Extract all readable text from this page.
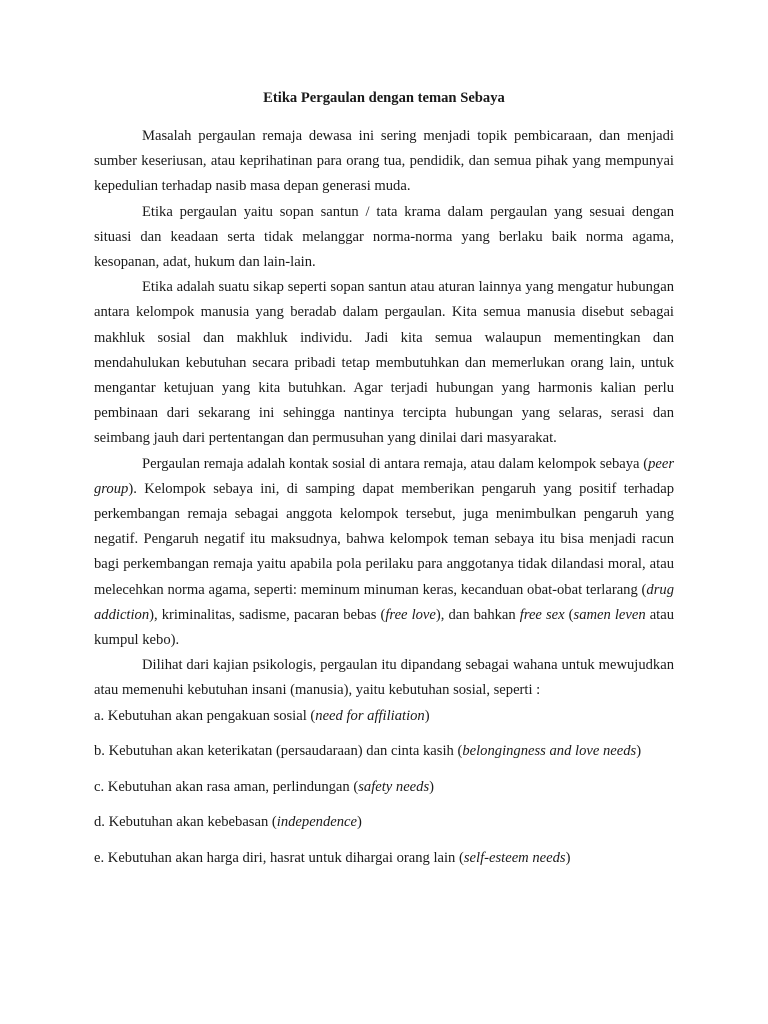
Etika Pergaulan dengan teman Sebaya

Masalah pergaulan remaja dewasa ini sering menjadi topik pembicaraan, dan menjadi sumber keseriusan, atau keprihatinan para orang tua, pendidik, dan semua pihak yang mempunyai kepedulian terhadap nasib masa depan generasi muda.

Etika pergaulan yaitu sopan santun / tata krama dalam pergaulan yang sesuai dengan situasi dan keadaan serta tidak melanggar norma-norma yang berlaku baik norma agama, kesopanan, adat, hukum dan lain-lain.

Etika adalah suatu sikap seperti sopan santun atau aturan lainnya yang mengatur hubungan antara kelompok manusia yang beradab dalam pergaulan. Kita semua manusia disebut sebagai makhluk sosial dan makhluk individu. Jadi kita semua walaupun mementingkan dan mendahulukan kebutuhan secara pribadi tetap membutuhkan dan memerlukan orang lain, untuk mengantar ketujuan yang kita butuhkan. Agar terjadi hubungan yang harmonis kalian perlu pembinaan dari sekarang ini sehingga nantinya tercipta hubungan yang selaras, serasi dan seimbang jauh dari pertentangan dan permusuhan yang dinilai dari masyarakat.

Pergaulan remaja adalah kontak sosial di antara remaja, atau dalam kelompok sebaya (peer group). Kelompok sebaya ini, di samping dapat memberikan pengaruh yang positif terhadap perkembangan remaja sebagai anggota kelompok tersebut, juga menimbulkan pengaruh yang negatif. Pengaruh negatif itu maksudnya, bahwa kelompok teman sebaya itu bisa menjadi racun bagi perkembangan remaja yaitu apabila pola perilaku para anggotanya tidak dilandasi moral, atau melecehkan norma agama, seperti: meminum minuman keras, kecanduan obat-obat terlarang (drug addiction), kriminalitas, sadisme, pacaran bebas (free love), dan bahkan free sex (samen leven atau kumpul kebo).

Dilihat dari kajian psikologis, pergaulan itu dipandang sebagai wahana untuk mewujudkan atau memenuhi kebutuhan insani (manusia), yaitu kebutuhan sosial, seperti :

a. Kebutuhan akan pengakuan sosial (need for affiliation)
b. Kebutuhan akan keterikatan (persaudaraan) dan cinta kasih (belongingness and love needs)
c. Kebutuhan akan rasa aman, perlindungan (safety needs)
d. Kebutuhan akan kebebasan (independence)
e. Kebutuhan akan harga diri, hasrat untuk dihargai orang lain (self-esteem needs)
